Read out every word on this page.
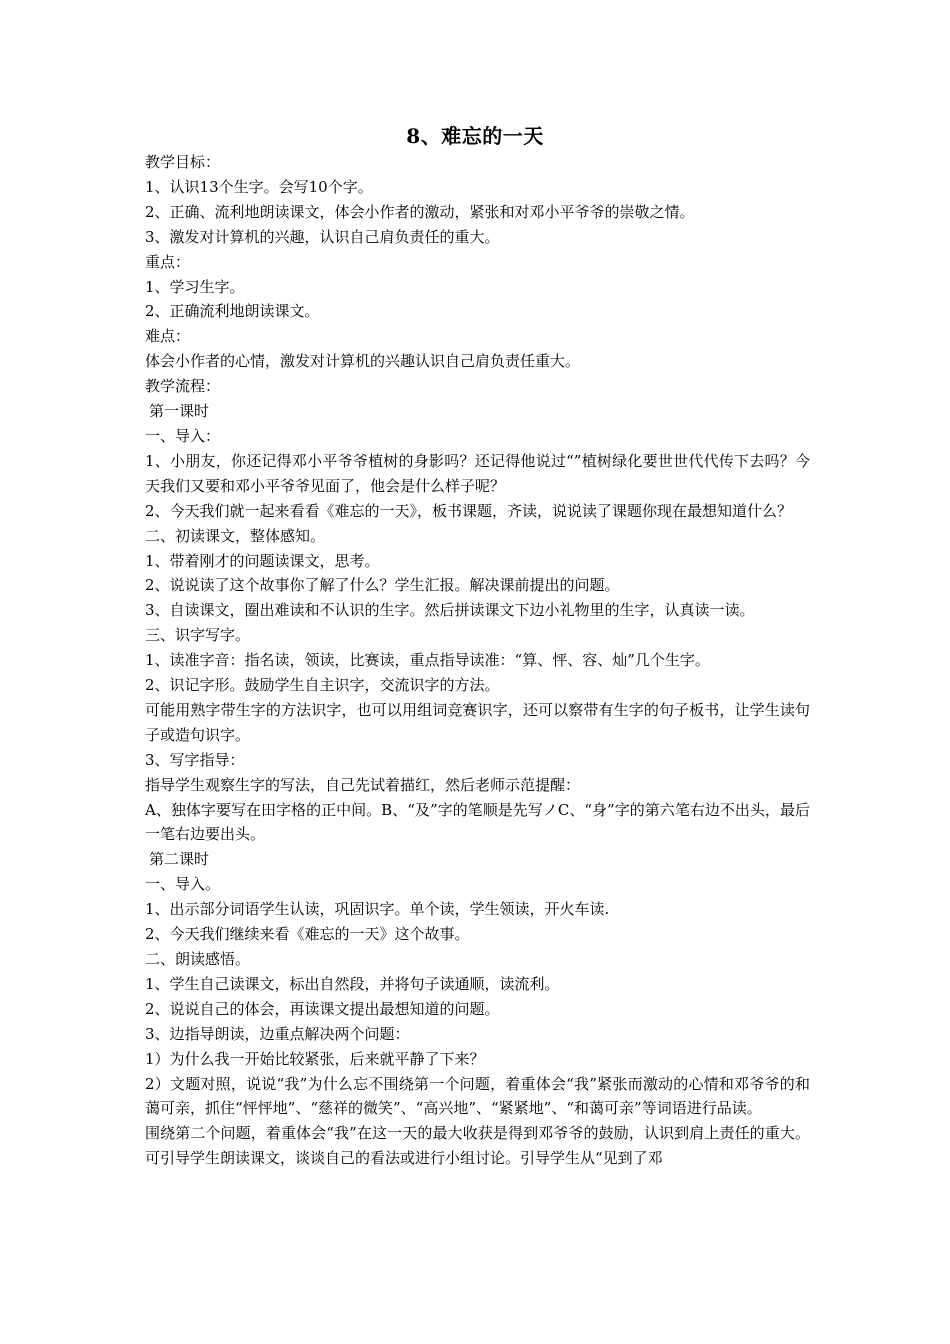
8、难忘的一天

教学目标：

1、认识13个生字。会写10个字。

2、正确、流利地朗读课文，体会小作者的激动，紧张和对邓小平爷爷的崇敬之情。

3、激发对计算机的兴趣，认识自己肩负责任的重大。

重点：

1、学习生字。

2、正确流利地朗读课文。

难点：

体会小作者的心情，激发对计算机的兴趣认识自己肩负责任重大。

教学流程：

第一课时

一、导入：

1、小朋友，你还记得邓小平爷爷植树的身影吗？还记得他说过“”植树绿化要世世代代传下去吗？今天我们又要和邓小平爷爷见面了，他会是什么样子呢？

2、今天我们就一起来看看《难忘的一天》，板书课题，齐读，说说读了课题你现在最想知道什么？

二、初读课文，整体感知。

1、带着刚才的问题读课文，思考。

2、说说读了这个故事你了解了什么？学生汇报。解决课前提出的问题。

3、自读课文，圈出难读和不认识的生字。然后拼读课文下边小礼物里的生字，认真读一读。

三、识字写字。

1、读准字音：指名读，领读，比赛读，重点指导读准：“算、怦、容、灿”几个生字。

2、识记字形。鼓励学生自主识字，交流识字的方法。

可能用熟字带生字的方法识字，也可以用组词竞赛识字，还可以察带有生字的句子板书，让学生读句子或造句识字。

3、写字指导：

指导学生观察生字的写法，自己先试着描红，然后老师示范提醒：

A、独体字要写在田字格的正中间。B、“及”字的笔顺是先写ノC、“身”字的第六笔右边不出头，最后一笔右边要出头。

第二课时

一、导入。

1、出示部分词语学生认读，巩固识字。单个读，学生领读，开火车读.

2、今天我们继续来看《难忘的一天》这个故事。

二、朗读感悟。

1、学生自己读课文，标出自然段，并将句子读通顺，读流利。

2、说说自己的体会，再读课文提出最想知道的问题。

3、边指导朗读，边重点解决两个问题：

1）为什么我一开始比较紧张，后来就平静了下来？

2）文题对照，说说“我”为什么忘不围绕第一个问题，着重体会“我”紧张而激动的心情和邓爷爷的和蔼可亲，抓住“怦怦地”、“慈祥的微笑”、“高兴地”、“紧紧地”、“和蔼可亲”等词语进行品读。

围绕第二个问题，着重体会“我”在这一天的最大收获是得到邓爷爷的鼓励，认识到肩上责任的重大。可引导学生朗读课文，谈谈自己的看法或进行小组讨论。引导学生从“见到了邓
